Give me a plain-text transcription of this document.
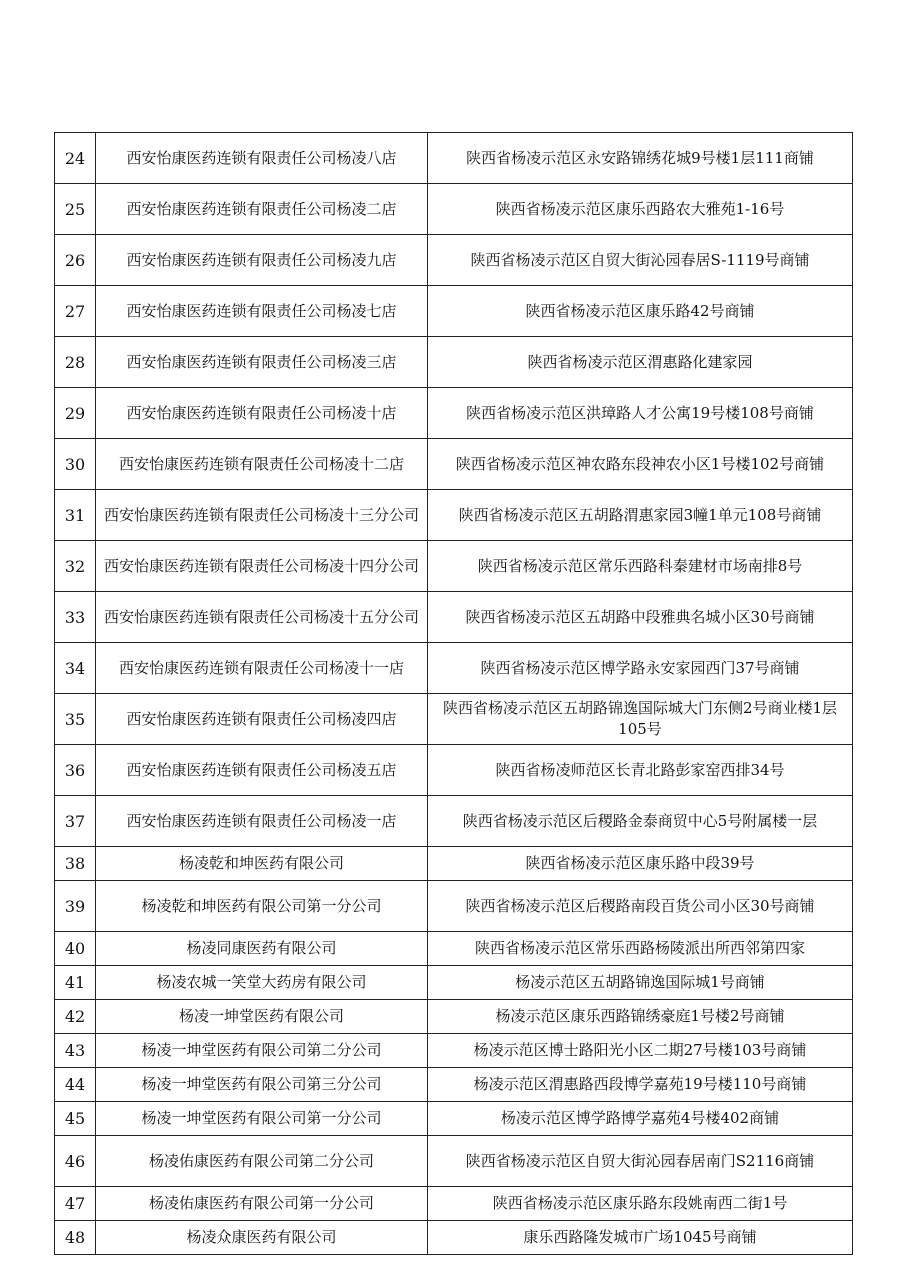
24	西安怡康医药连锁有限责任公司杨凌八店	陕西省杨凌示范区永安路锦绣花城9号楼1层111商铺
25	西安怡康医药连锁有限责任公司杨凌二店	陕西省杨凌示范区康乐西路农大雅苑1-16号
26	西安怡康医药连锁有限责任公司杨凌九店	陕西省杨凌示范区自贸大街沁园春居S-1119号商铺
27	西安怡康医药连锁有限责任公司杨凌七店	陕西省杨凌示范区康乐路42号商铺
28	西安怡康医药连锁有限责任公司杨凌三店	陕西省杨凌示范区渭惠路化建家园
29	西安怡康医药连锁有限责任公司杨凌十店	陕西省杨凌示范区洪璋路人才公寓19号楼108号商铺
30	西安怡康医药连锁有限责任公司杨凌十二店	陕西省杨凌示范区神农路东段神农小区1号楼102号商铺
31	西安怡康医药连锁有限责任公司杨凌十三分公司	陕西省杨凌示范区五胡路渭惠家园3幢1单元108号商铺
32	西安怡康医药连锁有限责任公司杨凌十四分公司	陕西省杨凌示范区常乐西路科秦建材市场南排8号
33	西安怡康医药连锁有限责任公司杨凌十五分公司	陕西省杨凌示范区五胡路中段雅典名城小区30号商铺
34	西安怡康医药连锁有限责任公司杨凌十一店	陕西省杨凌示范区博学路永安家园西门37号商铺
35	西安怡康医药连锁有限责任公司杨凌四店	陕西省杨凌示范区五胡路锦逸国际城大门东侧2号商业楼1层105号
36	西安怡康医药连锁有限责任公司杨凌五店	陕西省杨凌师范区长青北路彭家窑西排34号
37	西安怡康医药连锁有限责任公司杨凌一店	陕西省杨凌示范区后稷路金泰商贸中心5号附属楼一层
38	杨凌乾和坤医药有限公司	陕西省杨凌示范区康乐路中段39号
39	杨凌乾和坤医药有限公司第一分公司	陕西省杨凌示范区后稷路南段百货公司小区30号商铺
40	杨凌同康医药有限公司	陕西省杨凌示范区常乐西路杨陵派出所西邻第四家
41	杨凌农城一笑堂大药房有限公司	杨凌示范区五胡路锦逸国际城1号商铺
42	杨凌一坤堂医药有限公司	杨凌示范区康乐西路锦绣豪庭1号楼2号商铺
43	杨凌一坤堂医药有限公司第二分公司	杨凌示范区博士路阳光小区二期27号楼103号商铺
44	杨凌一坤堂医药有限公司第三分公司	杨凌示范区渭惠路西段博学嘉苑19号楼110号商铺
45	杨凌一坤堂医药有限公司第一分公司	杨凌示范区博学路博学嘉苑4号楼402商铺
46	杨凌佑康医药有限公司第二分公司	陕西省杨凌示范区自贸大街沁园春居南门S2116商铺
47	杨凌佑康医药有限公司第一分公司	陕西省杨凌示范区康乐路东段姚南西二街1号
48	杨凌众康医药有限公司	康乐西路隆发城市广场1045号商铺
